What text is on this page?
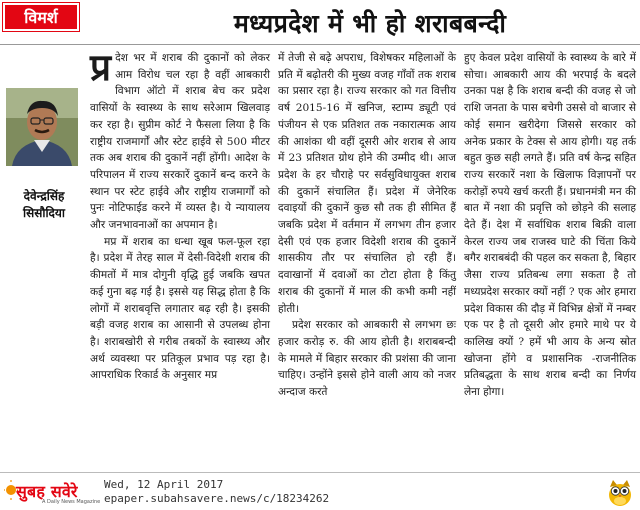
विमर्श	मध्यप्रदेश में भी हो शराबबन्दी
देवेन्द्रसिंह
सिसौदिया

प्र देश भर में शराब की दुकानों को लेकर आम विरोध चल रहा है वहीं आबकारी विभाग ऑटो में शराब बेच कर प्रदेश वासियों के स्वास्थ्य के साथ सरेआम खिलवाड़ कर रहा है। सुप्रीम कोर्ट ने फैसला लिया है कि राष्ट्रीय राजमार्गों और स्टेट हाईवे से 500 मीटर तक अब शराब की दुकानें नहीं होंगी। आदेश के परिपालन में राज्य सरकारें दुकानें बन्द करने के स्थान पर स्टेट हाईवे और राष्ट्रीय राजमार्गों को पुनः नोटिफाईड करने में व्यस्त है। ये न्यायालय और जनभावनाओं का अपमान है।

मप्र में शराब का धन्धा खूब फल-फूल रहा है। प्रदेश में तेरह साल में देसी-विदेशी शराब की कीमतों में मात्र दोगुनी वृद्धि हुई जबकि खपत कई गुना बढ़ गई है। इससे यह सिद्ध होता है कि लोगों में शराबवृत्ति लगातार बढ़ रही है। इसकी बड़ी वजह शराब का आसानी से उपलब्ध होना है। शराबखोरी से गरीब तबकों के स्वास्थ्य और अर्थ व्यवस्था पर प्रतिकूल प्रभाव पड़ रहा है। आपराधिक रिकार्ड के अनुसार मप्र

में तेजी से बढ़े अपराध, विशेषकर महिलाओं के प्रति में बढ़ोतरी की मुख्य वजह गाँवों तक शराब का प्रसार रहा है। राज्य सरकार को गत वित्तीय वर्ष 2015-16 में खनिज, स्टाम्प ड्यूटी एवं पंजीयन से एक प्रतिशत तक नकारात्मक आय की आशंका थी वहीं दूसरी ओर शराब से आय में 23 प्रतिशत ग्रोथ होने की उम्मीद थी। आज प्रदेश के हर चौराहे पर सर्वसुविधायुक्त शराब की दुकानें संचालित हैं। प्रदेश में जेनेरिक दवाइयों की दुकानें कुछ सौ तक ही सीमित हैं जबकि प्रदेश में वर्तमान में लगभग तीन हजार देसी एवं एक हजार विदेशी शराब की दुकानें शासकीय तौर पर संचालित हो रही हैं। दवाखानों में दवाओं का टोटा होता है किंतु शराब की दुकानों में माल की कभी कमी नहीं होती।

प्रदेश सरकार को आबकारी से लगभग छः हजार करोड़ रु. की आय होती है। शराबबन्दी के मामले में बिहार सरकार की प्रशंसा की जाना चाहिए। उन्होंने इससे होने वाली आय को नजर अन्दाज करते

हुए केवल प्रदेश वासियों के स्वास्थ्य के बारे में सोचा। आबकारी आय की भरपाई के बदले उनका पक्ष है कि शराब बन्दी की वजह से जो राशि जनता के पास बचेगी उससे वो बाजार से कोई समान खरीदेगा जिससे सरकार को अनेक प्रकार के टेक्स से आय होगी। यह तर्क बहुत कुछ सही लगते हैं। प्रति वर्ष केन्द्र सहित राज्य सरकारें नशा के खिलाफ विज्ञापनों पर करोड़ों रुपये खर्च करती हैं। प्रधानमंत्री मन की बात में नशा की प्रवृत्ति को छोड़ने की सलाह देते हैं। देश में सर्वाधिक शराब बिक्री वाला केरल राज्य जब राजस्व घाटे की चिंता किये बगैर शराबबंदी की पहल कर सकता है, बिहार जैसा राज्य प्रतिबन्ध लगा सकता है तो मध्यप्रदेश सरकार क्यों नहीं ? एक ओर हमारा प्रदेश विकास की दौड़ में विभिन्न क्षेत्रों में नम्बर एक पर है तो दूसरी ओर हमारे माथे पर ये कालिख क्यों ? हमें भी आय के अन्य स्रोत खोजना होंगे व प्रशासनिक -राजनीतिक प्रतिबद्धता के साथ शराब बन्दी का निर्णय लेना होगा।

सुबह सवेरे
A Daily News Magazine
Wed, 12 April 2017
epaper.subahsavere.news/c/18234262
